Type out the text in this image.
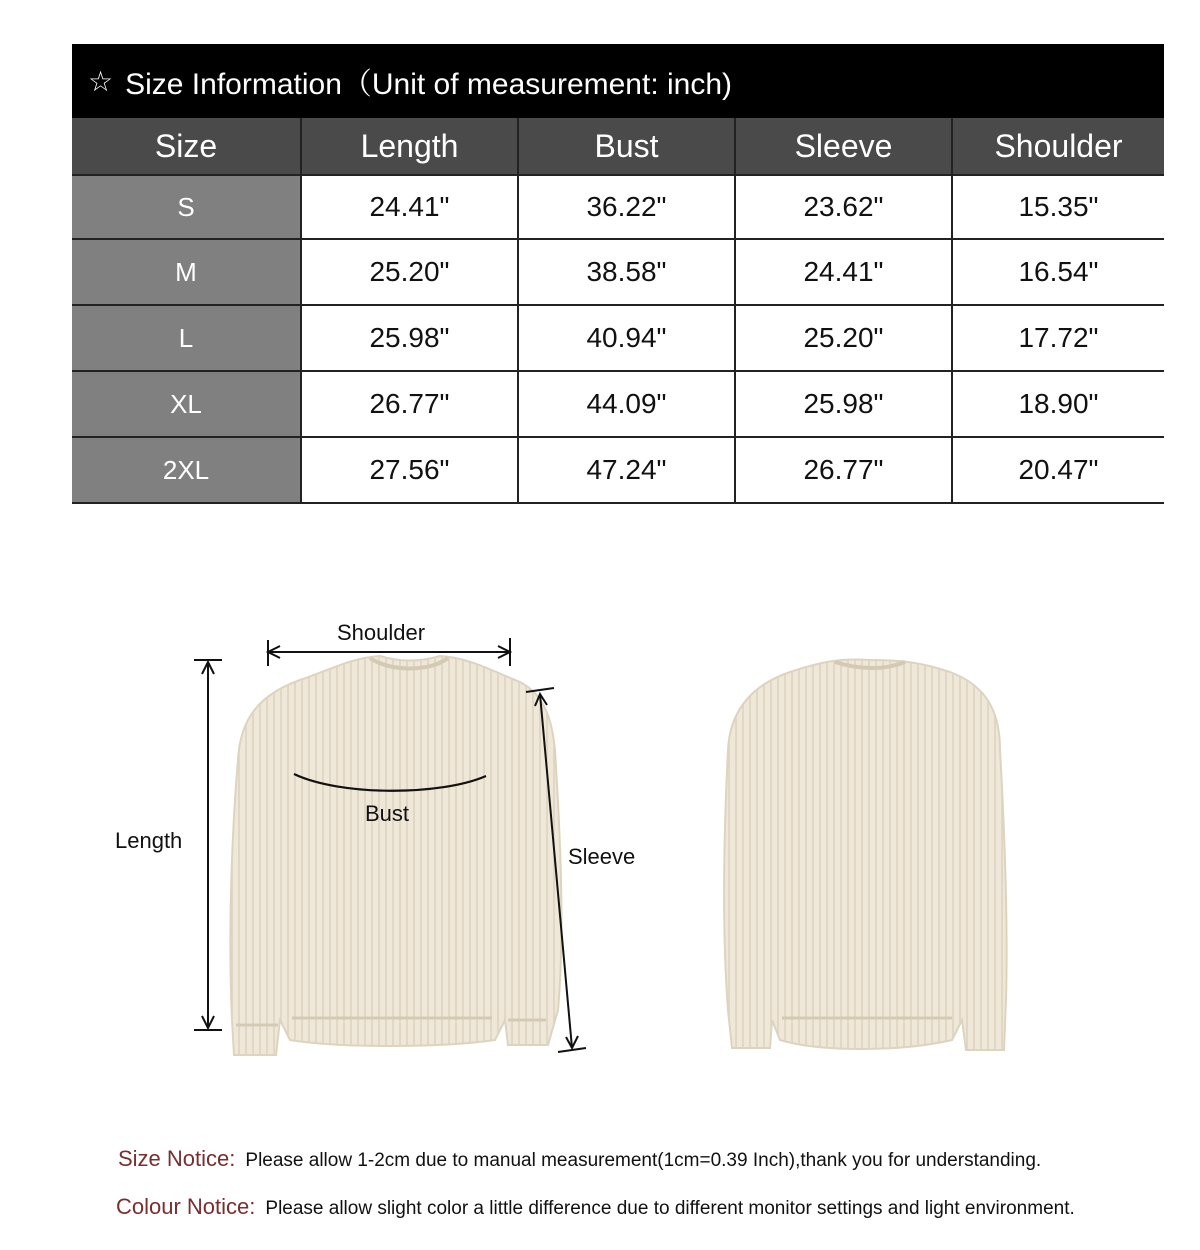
☆ Size Information（Unit of measurement: inch)
Size	Length	Bust	Sleeve	Shoulder
S	24.41"	36.22"	23.62"	15.35"
M	25.20"	38.58"	24.41"	16.54"
L	25.98"	40.94"	25.20"	17.72"
XL	26.77"	44.09"	25.98"	18.90"
2XL	27.56"	47.24"	26.77"	20.47"
Shoulder
Bust
Length
Sleeve
Size Notice: Please allow 1-2cm due to manual measurement(1cm=0.39 Inch),thank you for understanding.
Colour Notice: Please allow slight color a little difference due to different monitor settings and light environment.
